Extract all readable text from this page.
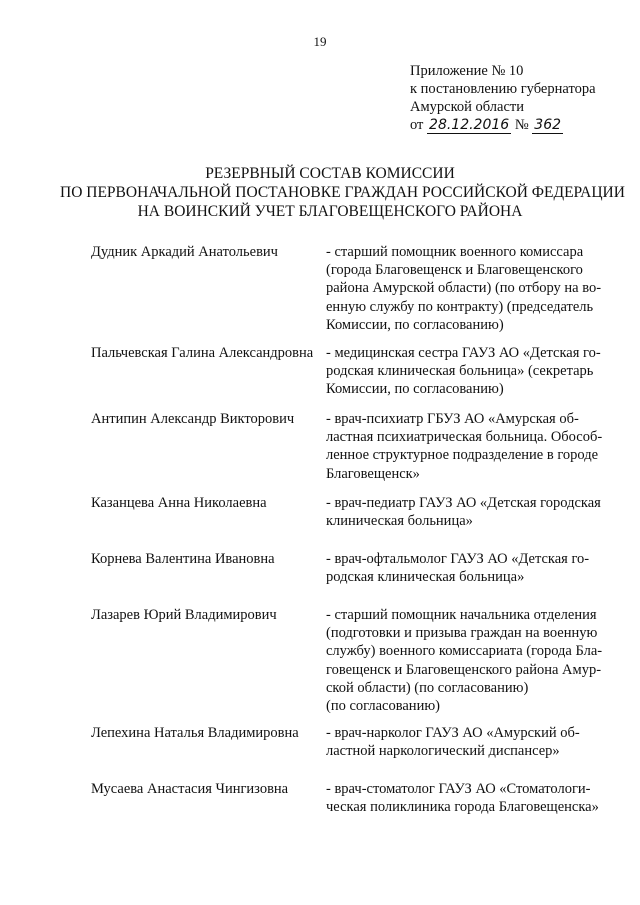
19
Приложение № 10
к постановлению губернатора
Амурской области
от 28.12.2016 № 362
РЕЗЕРВНЫЙ СОСТАВ КОМИССИИ
ПО ПЕРВОНАЧАЛЬНОЙ ПОСТАНОВКЕ ГРАЖДАН РОССИЙСКОЙ ФЕДЕРАЦИИ
НА ВОИНСКИЙ УЧЕТ БЛАГОВЕЩЕНСКОГО РАЙОНА
Дудник Аркадий Анатольевич	- старший помощник военного комиссара
(города Благовещенск и Благовещенского
района Амурской области) (по отбору на во-
енную службу по контракту) (председатель
Комиссии, по согласованию)
Пальчевская Галина Александровна - медицинская сестра ГАУЗ АО «Детская го-
родская клиническая больница» (секретарь
Комиссии, по согласованию)
Антипин Александр Викторович - врач-психиатр ГБУЗ АО «Амурская об-
ластная психиатрическая больница. Обособ-
ленное структурное подразделение в городе
Благовещенск»
Казанцева Анна Николаевна	- врач-педиатр ГАУЗ АО «Детская городская
клиническая больница»
Корнева Валентина Ивановна	- врач-офтальмолог ГАУЗ АО «Детская го-
родская клиническая больница»
Лазарев Юрий Владимирович	- старший помощник начальника отделения
(подготовки и призыва граждан на военную
службу) военного комиссариата (города Бла-
говещенск и Благовещенского района Амур-
ской области) (по согласованию)
(по согласованию)
Лепехина Наталья Владимировна - врач-нарколог ГАУЗ АО «Амурский об-
ластной наркологический диспансер»
Мусаева Анастасия Чингизовна	- врач-стоматолог ГАУЗ АО «Стоматологи-
ческая поликлиника города Благовещенска»
